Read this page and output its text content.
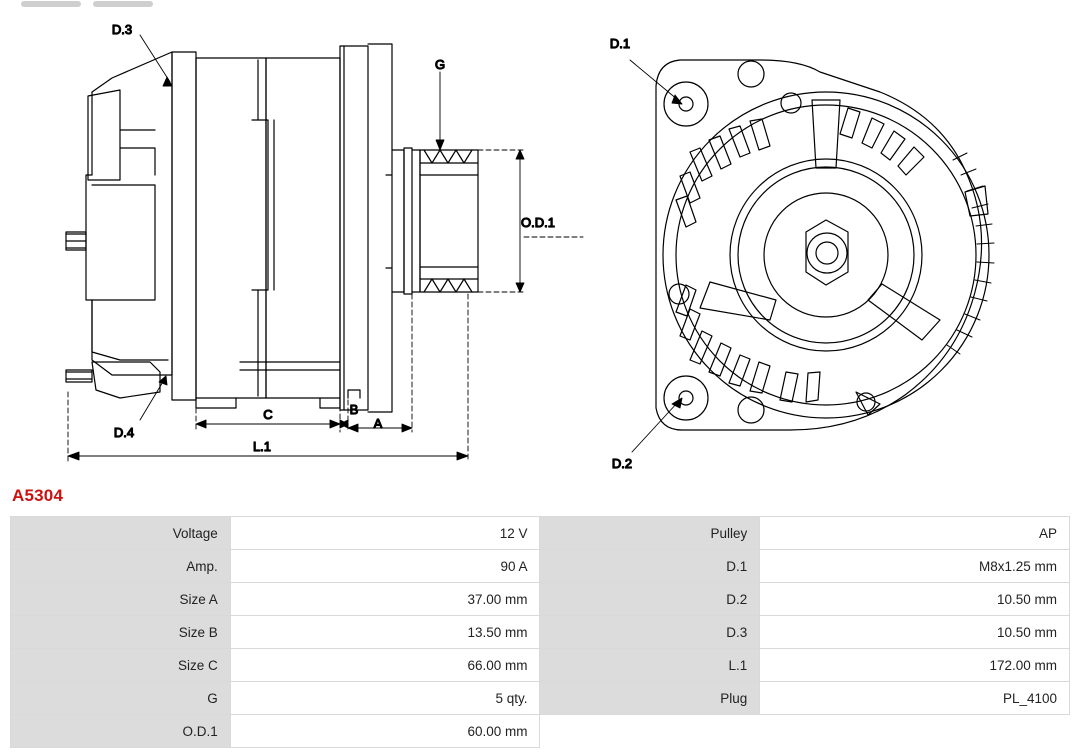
O.D.1
G
D.3
D.4
C	B
A
L.1
D.1
D.2
A5304
Voltage	12 V	Pulley	AP
Amp.	90 A	D.1	M8x1.25 mm
Size A	37.00 mm	D.2	10.50 mm
Size B	13.50 mm	D.3	10.50 mm
Size C	66.00 mm	L.1	172.00 mm
G	5 qty.	Plug	PL_4100
O.D.1	60.00 mm		
